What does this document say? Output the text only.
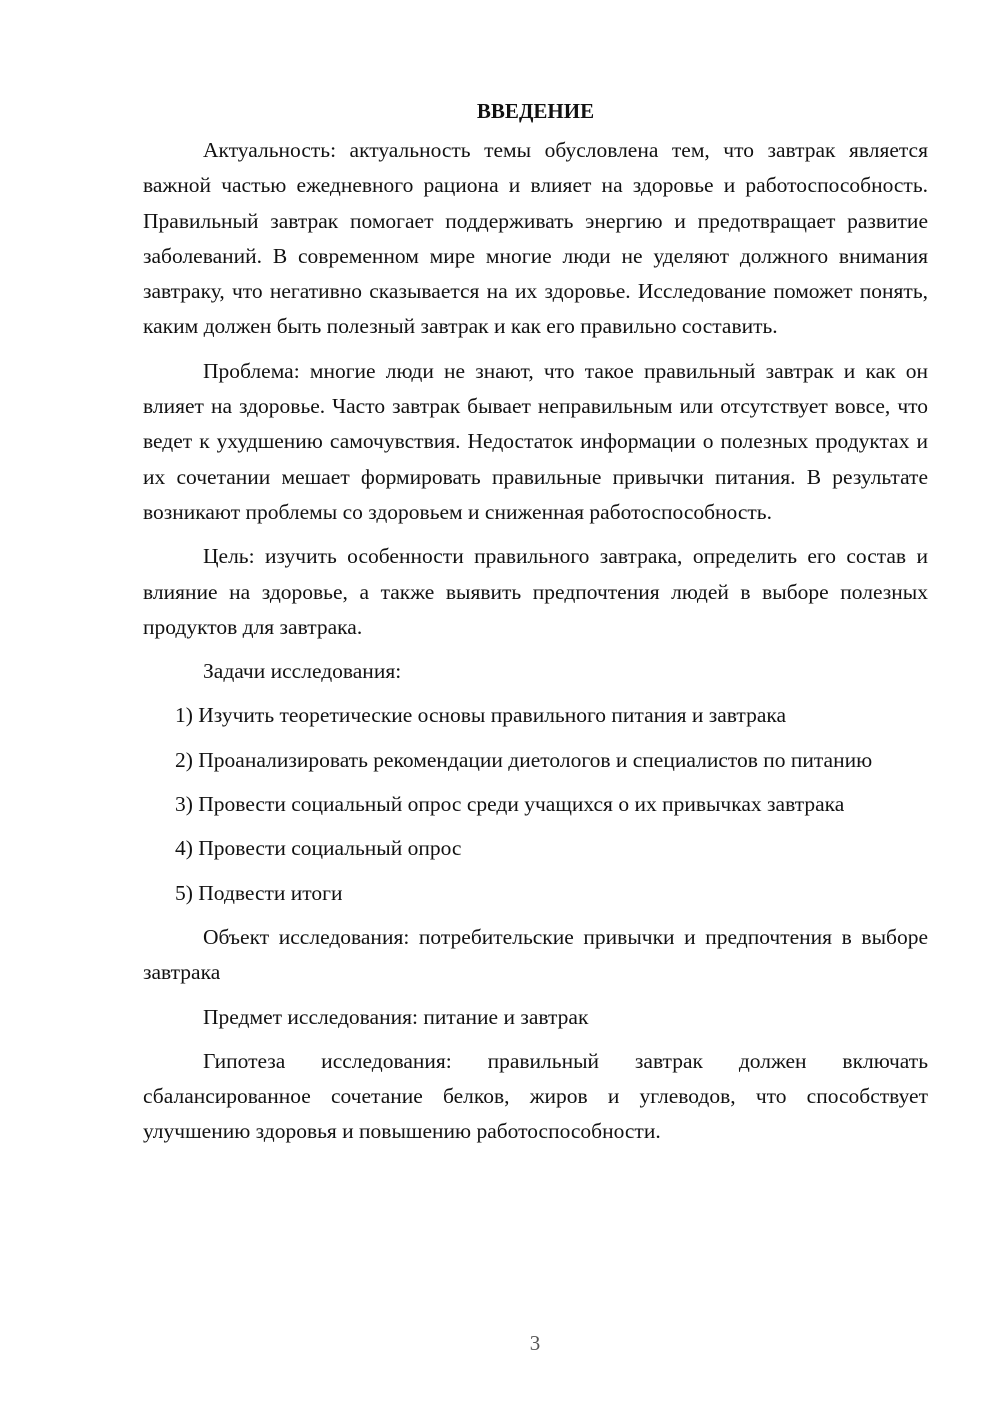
ВВЕДЕНИЕ

Актуальность: актуальность темы обусловлена тем, что завтрак является важной частью ежедневного рациона и влияет на здоровье и работоспособность. Правильный завтрак помогает поддерживать энергию и предотвращает развитие заболеваний. В современном мире многие люди не уделяют должного внимания завтраку, что негативно сказывается на их здоровье. Исследование поможет понять, каким должен быть полезный завтрак и как его правильно составить.

Проблема: многие люди не знают, что такое правильный завтрак и как он влияет на здоровье. Часто завтрак бывает неправильным или отсутствует вовсе, что ведет к ухудшению самочувствия. Недостаток информации о полезных продуктах и их сочетании мешает формировать правильные привычки питания. В результате возникают проблемы со здоровьем и сниженная работоспособность.

Цель: изучить особенности правильного завтрака, определить его состав и влияние на здоровье, а также выявить предпочтения людей в выборе полезных продуктов для завтрака.

Задачи исследования:

1) Изучить теоретические основы правильного питания и завтрака

2) Проанализировать рекомендации диетологов и специалистов по питанию

3) Провести социальный опрос среди учащихся о их привычках завтрака

4) Провести социальный опрос

5) Подвести итоги

Объект исследования: потребительские привычки и предпочтения в выборе завтрака

Предмет исследования: питание и завтрак

Гипотеза исследования: правильный завтрак должен включать сбалансированное сочетание белков, жиров и углеводов, что способствует улучшению здоровья и повышению работоспособности.

3
